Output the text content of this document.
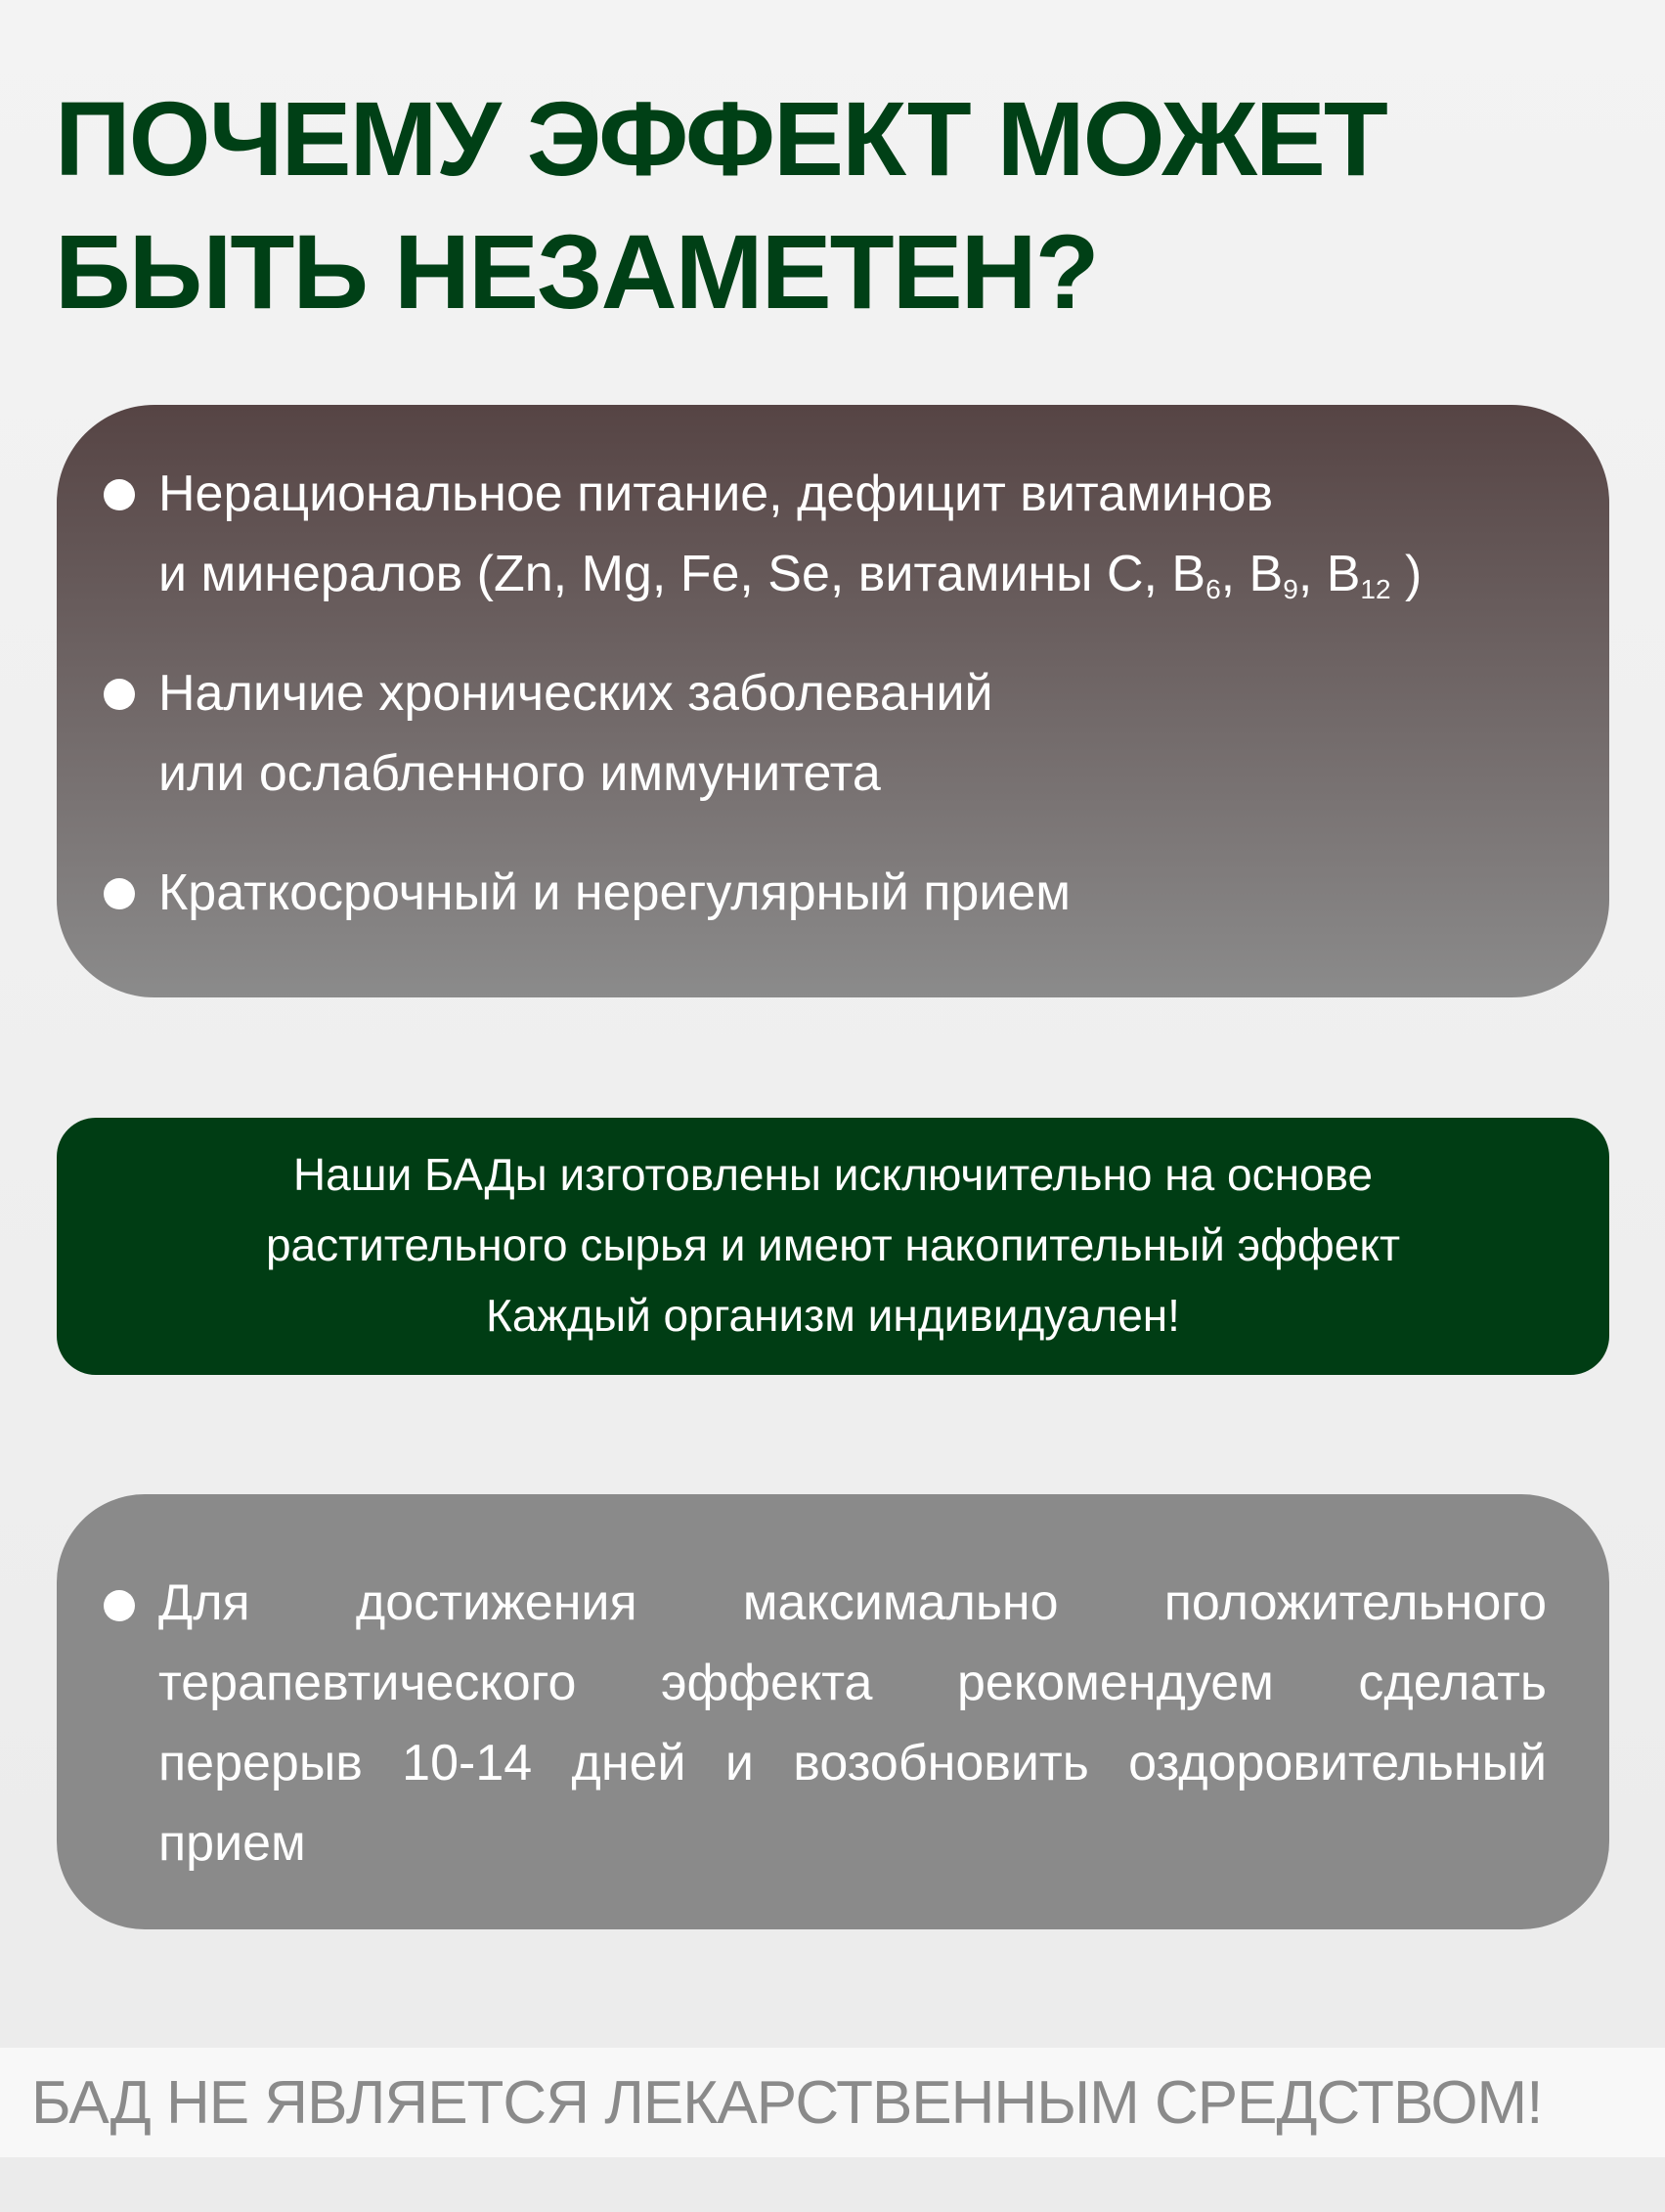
ПОЧЕМУ ЭФФЕКТ МОЖЕТ
БЫТЬ НЕЗАМЕТЕН?
Нерациональное питание, дефицит витаминов
и минералов (Zn, Mg, Fe, Se, витамины C, $B_6$, $B_9$, $B_{12}$ )
Наличие хронических заболеваний
или ослабленного иммунитета
Краткосрочный и нерегулярный прием
Наши БАДы изготовлены исключительно на основе
растительного сырья и имеют накопительный эффект
Каждый организм индивидуален!
Для достижения максимально положительного терапевтического эффекта рекомендуем сделать перерыв 10-14 дней и возобновить оздоровительный прием
БАД НЕ ЯВЛЯЕТСЯ ЛЕКАРСТВЕННЫМ СРЕДСТВОМ!
